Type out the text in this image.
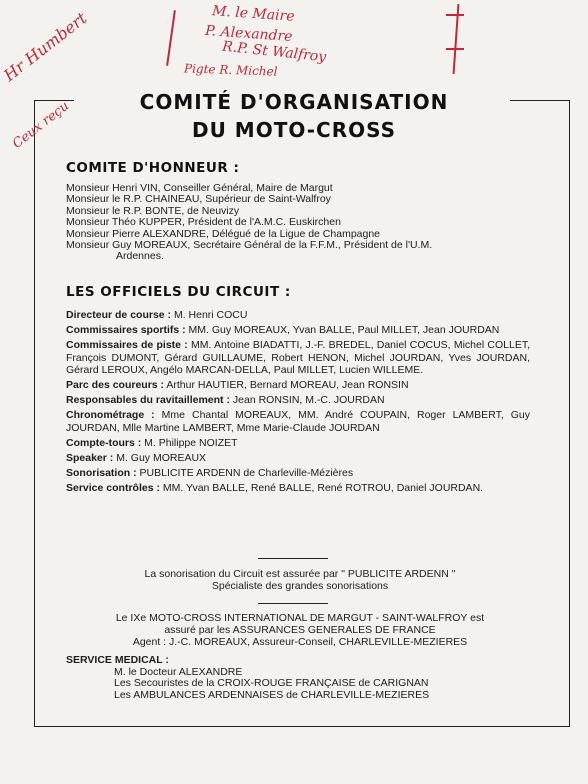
M. le Maire
P. Alexandre
R.P. St Walfroy
Pigte R. Michel
Hr Humbert
Ceux reçu	COMITÉ D'ORGANISATION
DU MOTO-CROSS
COMITE D'HONNEUR :
Monsieur Henri VIN, Conseiller Général, Maire de Margut
Monsieur le R.P. CHAINEAU, Supérieur de Saint-Walfroy
Monsieur le R.P. BONTE, de Neuvizy
Monsieur Théo KUPPER, Président de l'A.M.C. Euskirchen
Monsieur Pierre ALEXANDRE, Délégué de la Ligue de Champagne
Monsieur Guy MOREAUX, Secrétaire Général de la F.F.M., Président de l'U.M.
Ardennes.
LES OFFICIELS DU CIRCUIT :
Directeur de course : M. Henri COCU
Commissaires sportifs : MM. Guy MOREAUX, Yvan BALLE, Paul MILLET, Jean JOURDAN
Commissaires de piste : MM. Antoine BIADATTI, J.-F. BREDEL, Daniel COCUS, Michel COLLET, François DUMONT, Gérard GUILLAUME, Robert HENON, Michel JOURDAN, Yves JOURDAN, Gérard LEROUX, Angélo MARCAN-DELLA, Paul MILLET, Lucien WILLEME.
Parc des coureurs : Arthur HAUTIER, Bernard MOREAU, Jean RONSIN
Responsables du ravitaillement : Jean RONSIN, M.-C. JOURDAN
Chronométrage : Mme Chantal MOREAUX, MM. André COUPAIN, Roger LAMBERT, Guy JOURDAN, Mlle Martine LAMBERT, Mme Marie-Claude JOURDAN
Compte-tours : M. Philippe NOIZET
Speaker : M. Guy MOREAUX
Sonorisation : PUBLICITE ARDENN de Charleville-Mézières
Service contrôles : MM. Yvan BALLE, René BALLE, René ROTROU, Daniel JOURDAN.
La sonorisation du Circuit est assurée par " PUBLICITE ARDENN "
Spécialiste des grandes sonorisations
Le IXe MOTO-CROSS INTERNATIONAL DE MARGUT - SAINT-WALFROY est
assuré par les ASSURANCES GENERALES DE FRANCE
Agent : J.-C. MOREAUX, Assureur-Conseil, CHARLEVILLE-MEZIERES
SERVICE MEDICAL :
M. le Docteur ALEXANDRE
Les Secouristes de la CROIX-ROUGE FRANÇAISE de CARIGNAN
Les AMBULANCES ARDENNAISES de CHARLEVILLE-MEZIERES
